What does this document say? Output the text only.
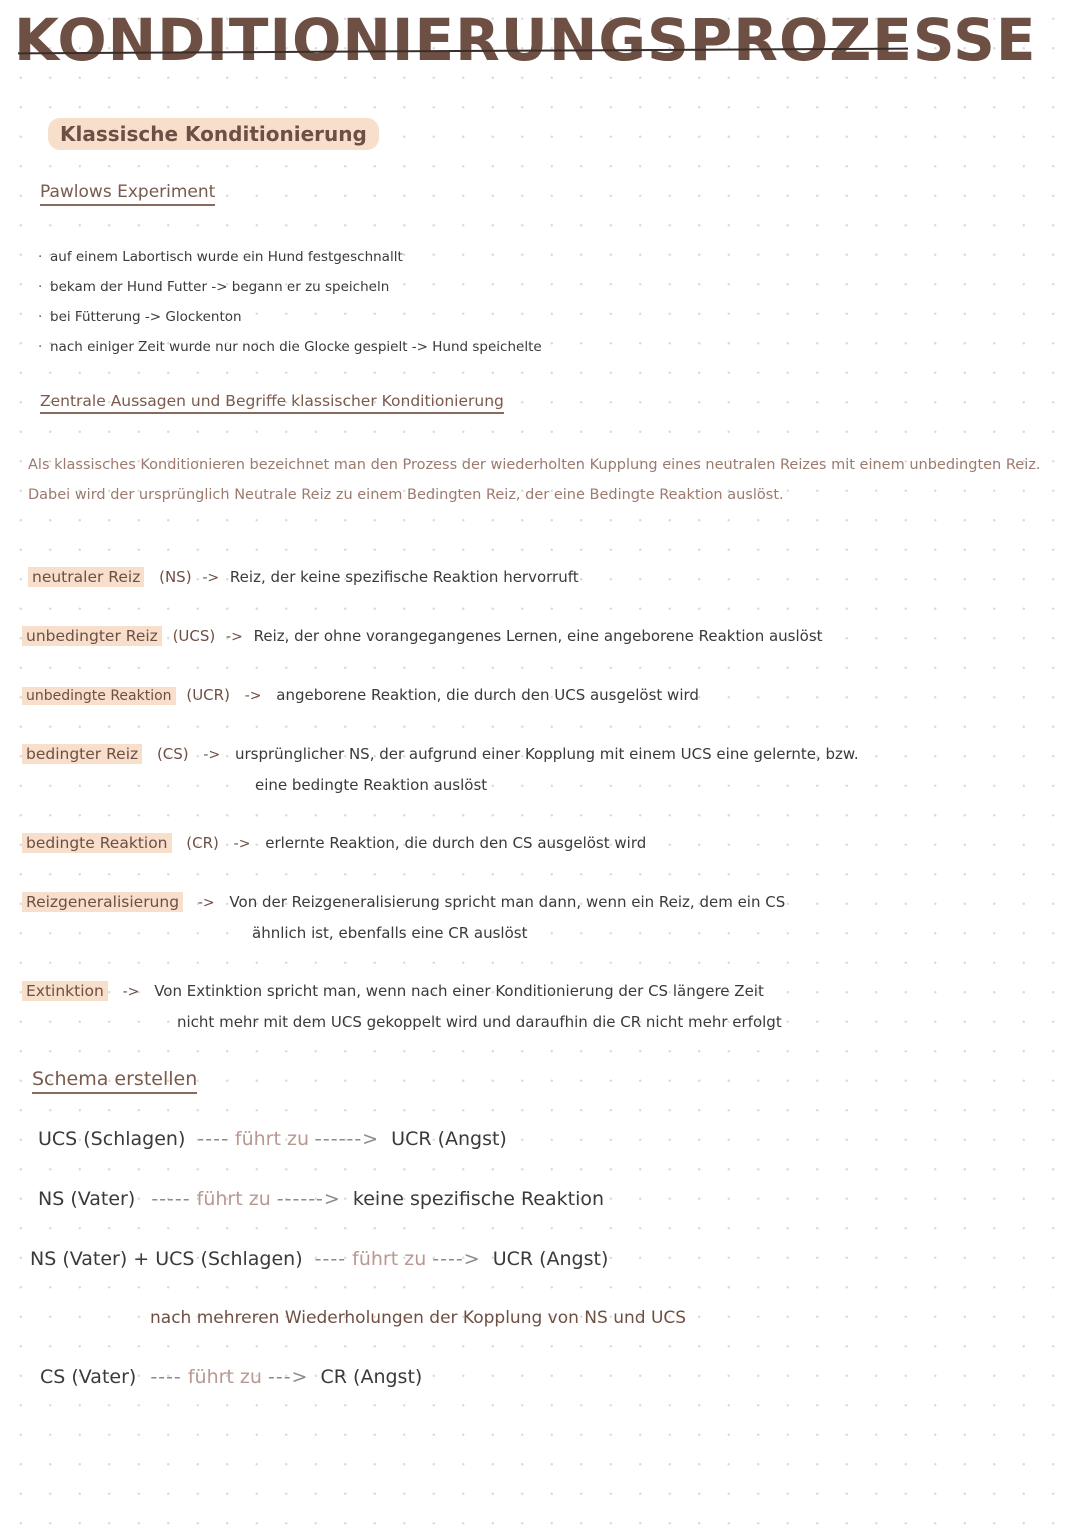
KONDITIONIERUNGSPROZESSE
Klassische Konditionierung
Pawlows Experiment
· auf einem Labortisch wurde ein Hund festgeschnallt
· bekam der Hund Futter -> begann er zu speicheln
· bei Fütterung -> Glockenton
· nach einiger Zeit wurde nur noch die Glocke gespielt -> Hund speichelte
Zentrale Aussagen und Begriffe klassischer Konditionierung
Als klassisches Konditionieren bezeichnet man den Prozess der wiederholten Kupplung eines neutralen Reizes mit einem unbedingten Reiz. Dabei wird der ursprünglich Neutrale Reiz zu einem Bedingten Reiz, der eine Bedingte Reaktion auslöst.
neutraler Reiz (NS) -> Reiz, der keine spezifische Reaktion hervorruft
unbedingter Reiz (UCS) -> Reiz, der ohne vorangegangenes Lernen, eine angeborene Reaktion auslöst
unbedingte Reaktion (UCR) -> angeborene Reaktion, die durch den UCS ausgelöst wird
bedingter Reiz (CS) -> ursprünglicher NS, der aufgrund einer Kopplung mit einem UCS eine gelernte, bzw.
eine bedingte Reaktion auslöst
bedingte Reaktion (CR) -> erlernte Reaktion, die durch den CS ausgelöst wird
Reizgeneralisierung -> Von der Reizgeneralisierung spricht man dann, wenn ein Reiz, dem ein CS
ähnlich ist, ebenfalls eine CR auslöst
Extinktion -> Von Extinktion spricht man, wenn nach einer Konditionierung der CS längere Zeit
nicht mehr mit dem UCS gekoppelt wird und daraufhin die CR nicht mehr erfolgt
Schema erstellen
UCS (Schlagen) ---- führt zu ------> UCR (Angst)
NS (Vater) ----- führt zu ------> keine spezifische Reaktion
NS (Vater) + UCS (Schlagen) ---- führt zu ----> UCR (Angst)
nach mehreren Wiederholungen der Kopplung von NS und UCS
CS (Vater) ---- führt zu ---> CR (Angst)
